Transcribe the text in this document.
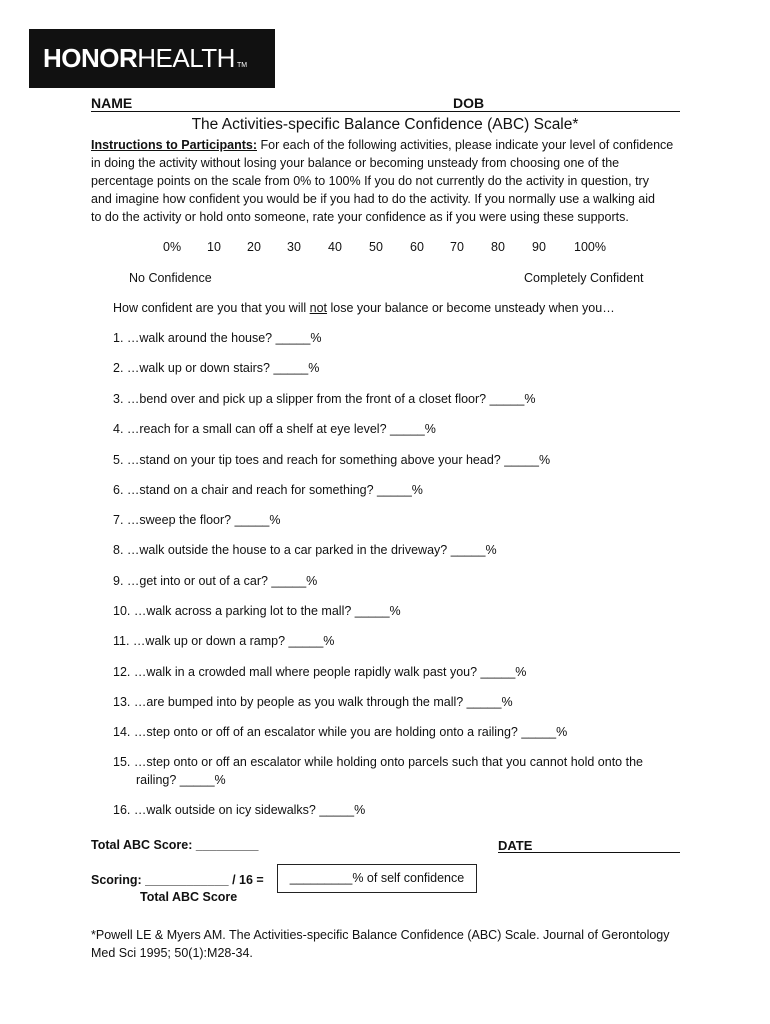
HONOR HEALTH TM
NAME	DOB
The Activities-specific Balance Confidence (ABC) Scale*
Instructions to Participants: For each of the following activities, please indicate your level of confidence
in doing the activity without losing your balance or becoming unsteady from choosing one of the
percentage points on the scale from 0% to 100% If you do not currently do the activity in question, try
and imagine how confident you would be if you had to do the activity. If you normally use a walking aid
to do the activity or hold onto someone, rate your confidence as if you were using these supports.
0% 10 20 30 40 50 60 70 80 90 100%
No Confidence	Completely Confident
How confident are you that you will not lose your balance or become unsteady when you…
1. …walk around the house? _____%
2. …walk up or down stairs? _____%
3. …bend over and pick up a slipper from the front of a closet floor? _____%
4. …reach for a small can off a shelf at eye level? _____%
5. …stand on your tip toes and reach for something above your head? _____%
6. …stand on a chair and reach for something? _____%
7. …sweep the floor? _____%
8. …walk outside the house to a car parked in the driveway? _____%
9. …get into or out of a car? _____%
10. …walk across a parking lot to the mall? _____%
11. …walk up or down a ramp? _____%
12. …walk in a crowded mall where people rapidly walk past you? _____%
13. …are bumped into by people as you walk through the mall? _____%
14. …step onto or off of an escalator while you are holding onto a railing? _____%
15. …step onto or off an escalator while holding onto parcels such that you cannot hold onto the
railing? _____%
16. …walk outside on icy sidewalks? _____%
Total ABC Score: _________	DATE
Scoring: ____________ / 16 =
Total ABC Score
_________% of self confidence
*Powell LE & Myers AM. The Activities-specific Balance Confidence (ABC) Scale. Journal of Gerontology
Med Sci 1995; 50(1):M28-34.
